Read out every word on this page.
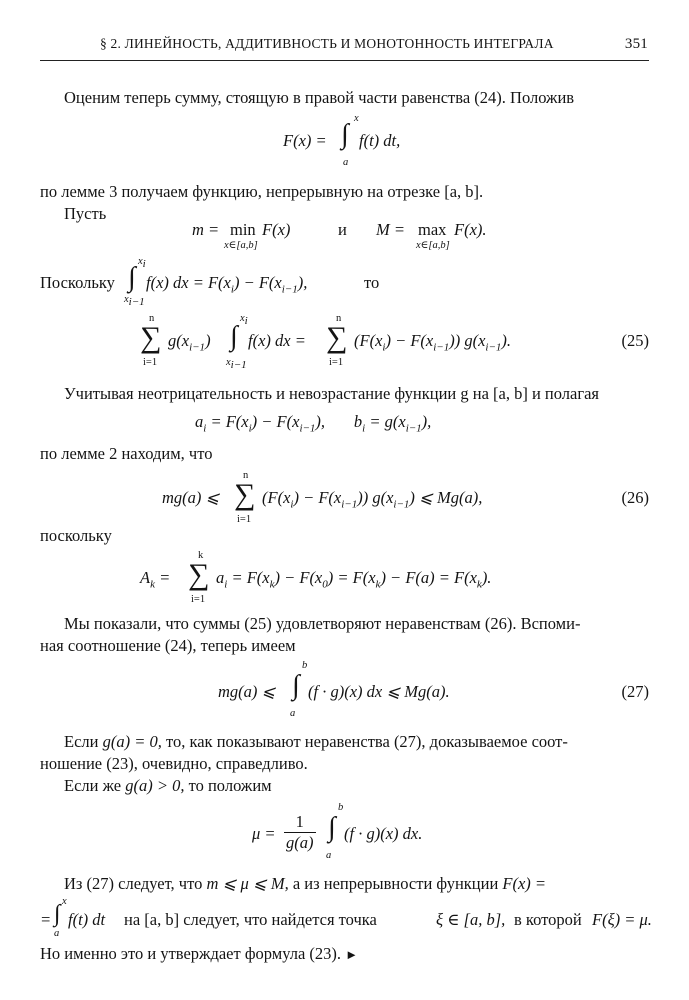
§ 2. ЛИНЕЙНОСТЬ, АДДИТИВНОСТЬ И МОНОТОННОСТЬ ИНТЕГРАЛА	351
Оценим теперь сумму, стоящую в правой части равенства (24). Положив
F(x) = ∫
x
a
f(t) dt,
по лемме 3 получаем функцию, непрерывную на отрезке [a, b].
Пусть
m = min
x∈[a,b]
F(x)	и M = max
x∈[a,b]
F(x).
Поскольку ∫
$x_i$
$x_{i-1}$
f(x) dx = $F(x_i) - F(x_{i-1})$,	то
n
∑
i=1
$g(x_{i-1})$ ∫
$x_i$
$x_{i-1}$
f(x) dx =
n
∑
i=1
$(F(x_i) - F(x_{i-1}))$ $g(x_{i-1})$.	(25)
Учитывая неотрицательность и невозрастание функции g на [a, b] и полагая
$a_i = F(x_i) - F(x_{i-1})$,       $b_i = g(x_{i-1})$,
по лемме 2 находим, что
mg(a) ⩽
n
∑
i=1
$(F(x_i) - F(x_{i-1}))$ $g(x_{i-1})$ ⩽ Mg(a),	(26)
поскольку
$A_k$ =
k
∑
i=1
$a_i = F(x_k) - F(x_0) = F(x_k) - F(a) = F(x_k)$.
Мы показали, что суммы (25) удовлетворяют неравенствам (26). Вспоми-
ная соотношение (24), теперь имеем
mg(a) ⩽ ∫
b
a
(f · g)(x) dx ⩽ Mg(a).	(27)
Если g(a) = 0, то, как показывают неравенства (27), доказываемое соот-
ношение (23), очевидно, справедливо.
Если же g(a) > 0, то положим
$\mu = \frac{1}{g(a)}$ ∫
b
a
(f · g)(x) dx.
Из (27) следует, что m ⩽ μ ⩽ M, а из непрерывности функции F(x) =
= ∫ x
a
f(t) dt на [a, b] следует, что найдется точка	ξ ∈ [a, b], в которой F(ξ) = μ.
Но именно это и утверждает формула (23). ►
